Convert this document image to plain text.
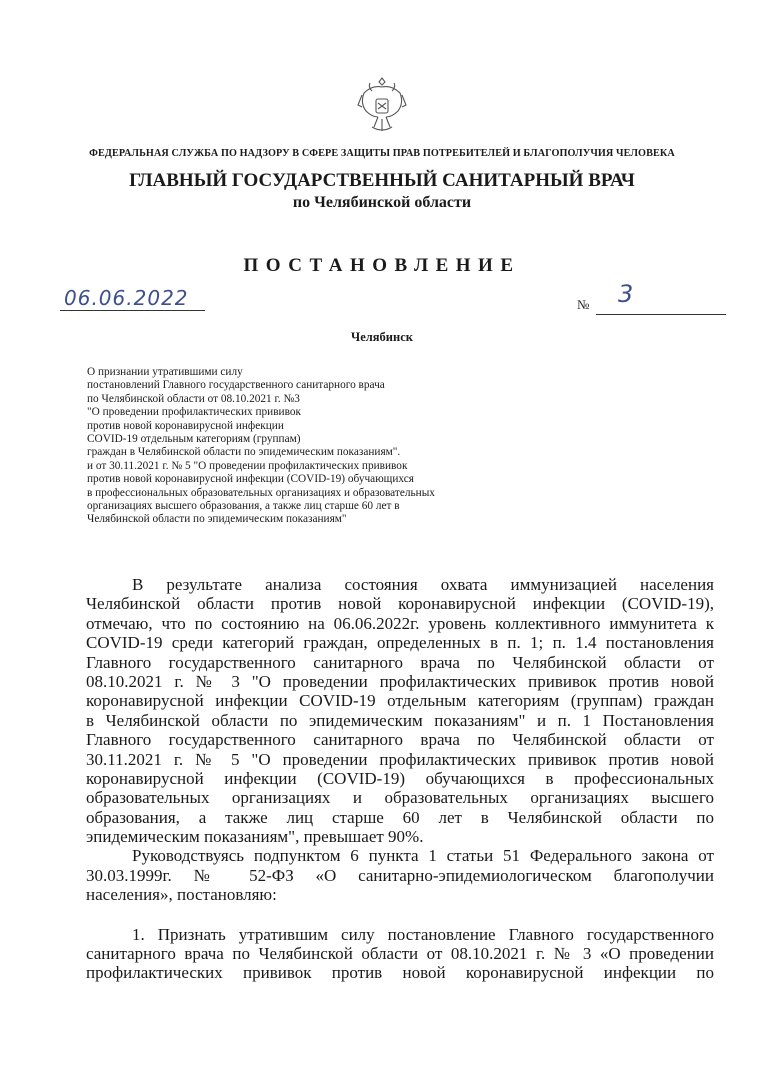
ФЕДЕРАЛЬНАЯ СЛУЖБА ПО НАДЗОРУ В СФЕРЕ ЗАЩИТЫ ПРАВ ПОТРЕБИТЕЛЕЙ И БЛАГОПОЛУЧИЯ ЧЕЛОВЕКА
ГЛАВНЫЙ ГОСУДАРСТВЕННЫЙ САНИТАРНЫЙ ВРАЧ
по Челябинской области
ПОСТАНОВЛЕНИЕ
06.06.2022	№ 3
Челябинск
О признании утратившими силу
постановлений Главного государственного санитарного врача
по Челябинской области от 08.10.2021 г. №3
"О проведении профилактических прививок
против новой коронавирусной инфекции
COVID-19 отдельным категориям (группам)
граждан в Челябинской области по эпидемическим показаниям".
и от 30.11.2021 г. № 5 "О проведении профилактических прививок
против новой коронавирусной инфекции (COVID-19) обучающихся
в профессиональных образовательных организациях и образовательных
организациях высшего образования, а также лиц старше 60 лет в
Челябинской области по эпидемическим показаниям"
В результате анализа состояния охвата иммунизацией населения
Челябинской области против новой коронавирусной инфекции (COVID-19),
отмечаю, что по состоянию на 06.06.2022г. уровень коллективного иммунитета к
COVID-19 среди категорий граждан, определенных в п. 1; п. 1.4 постановления
Главного государственного санитарного врача по Челябинской области от
08.10.2021 г. № 3 "О проведении профилактических прививок против новой
коронавирусной инфекции COVID-19 отдельным категориям (группам) граждан
в Челябинской области по эпидемическим показаниям" и п. 1 Постановления
Главного государственного санитарного врача по Челябинской области от
30.11.2021 г. № 5 "О проведении профилактических прививок против новой
коронавирусной инфекции (COVID-19) обучающихся в профессиональных
образовательных организациях и образовательных организациях высшего
образования, а также лиц старше 60 лет в Челябинской области по
эпидемическим показаниям", превышает 90%.
Руководствуясь подпунктом 6 пункта 1 статьи 51 Федерального закона от
30.03.1999г. № 52-ФЗ «О санитарно-эпидемиологическом благополучии
населения», постановляю:
1. Признать утратившим силу постановление Главного государственного
санитарного врача по Челябинской области от 08.10.2021 г. № 3 «О проведении
профилактических прививок против новой коронавирусной инфекции по
